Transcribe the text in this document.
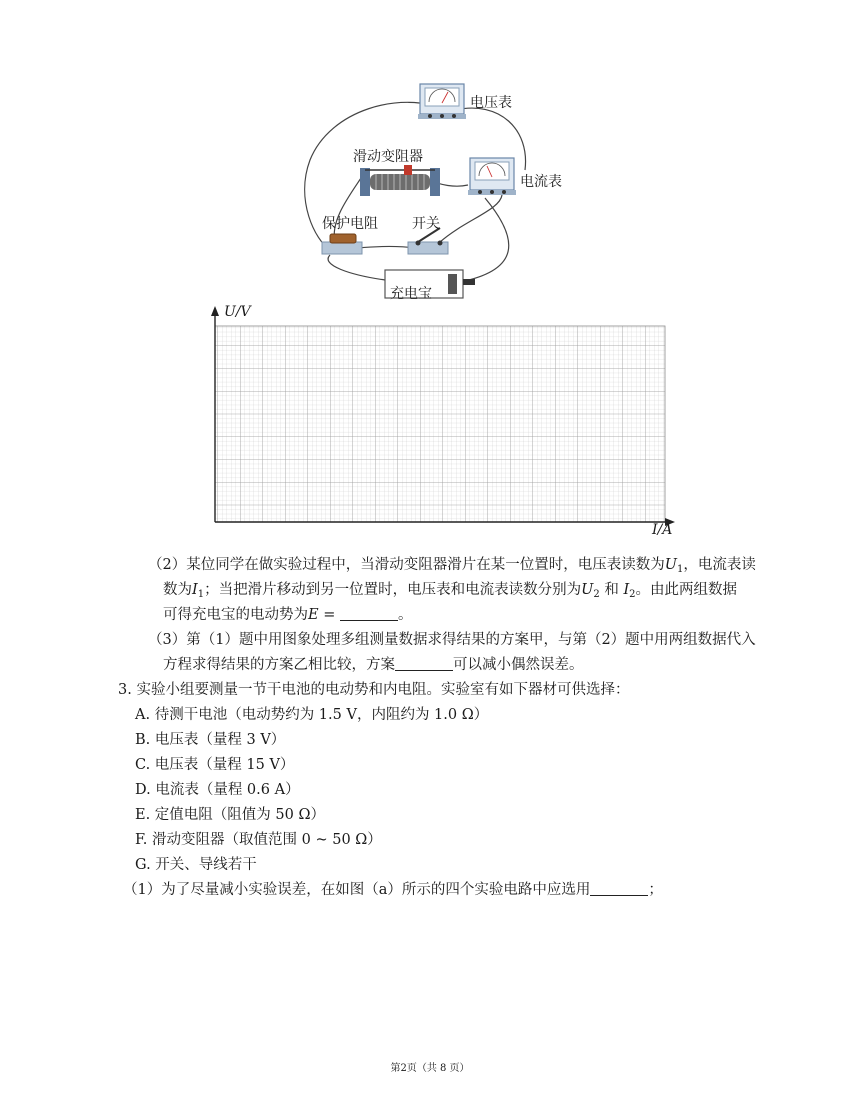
电压表
滑动变阻器
电流表
保护电阻 开关
充电宝
U/V
I/A
（2）某位同学在做实验过程中，当滑动变阻器滑片在某一位置时，电压表读数为$U_1$，电流表读
数为$I_1$；当把滑片移动到另一位置时，电压表和电流表读数分别为$U_2$ 和 $I_2$。由此两组数据
可得充电宝的电动势为E =	。
（3）第（1）题中用图象处理多组测量数据求得结果的方案甲，与第（2）题中用两组数据代入
方程求得结果的方案乙相比较，方案	可以减小偶然误差。
3. 实验小组要测量一节干电池的电动势和内电阻。实验室有如下器材可供选择：
A. 待测干电池（电动势约为 1.5 V，内阻约为 1.0 Ω）
B. 电压表（量程 3 V）
C. 电压表（量程 15 V）
D. 电流表（量程 0.6 A）
E. 定值电阻（阻值为 50 Ω）
F. 滑动变阻器（取值范围 0 ~ 50 Ω）
G. 开关、导线若干
（1）为了尽量减小实验误差，在如图（a）所示的四个实验电路中应选用	；
第2页（共 8 页）
